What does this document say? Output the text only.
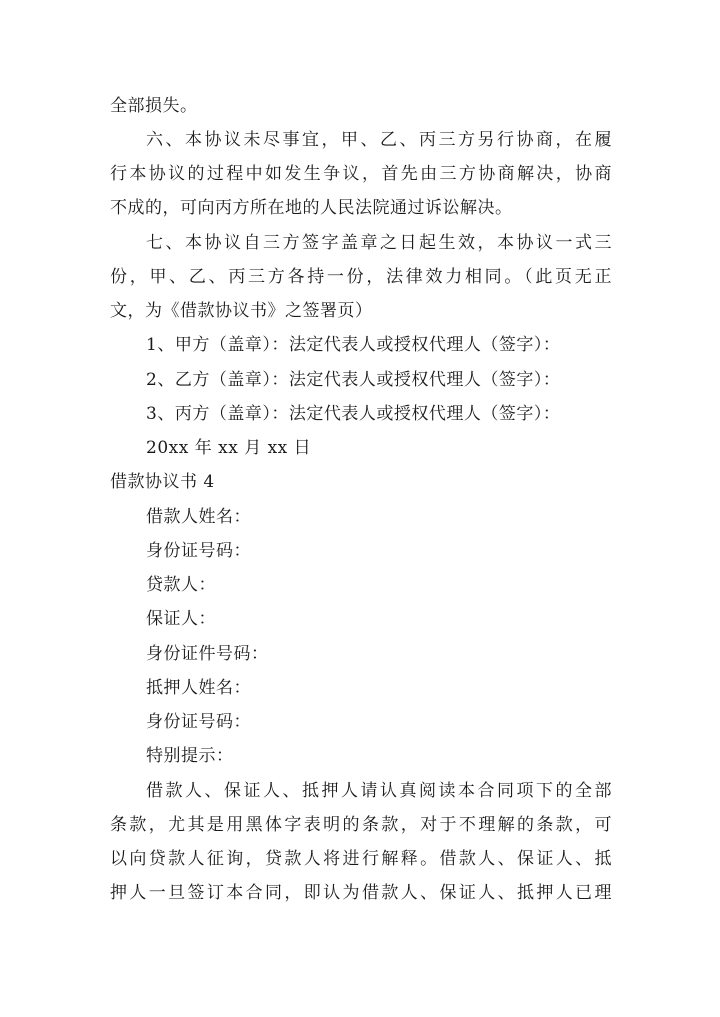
全部损失。
六、本协议未尽事宜，甲、乙、丙三方另行协商，在履
行本协议的过程中如发生争议，首先由三方协商解决，协商
不成的，可向丙方所在地的人民法院通过诉讼解决。
七、本协议自三方签字盖章之日起生效，本协议一式三
份，甲、乙、丙三方各持一份，法律效力相同。（此页无正
文，为《借款协议书》之签署页）
1、甲方（盖章）：法定代表人或授权代理人（签字）：
2、乙方（盖章）：法定代表人或授权代理人（签字）：
3、丙方（盖章）：法定代表人或授权代理人（签字）：
20xx 年 xx 月 xx 日
借款协议书 4
借款人姓名：
身份证号码：
贷款人：
保证人：
身份证件号码：
抵押人姓名：
身份证号码：
特别提示：
借款人、保证人、抵押人请认真阅读本合同项下的全部
条款，尤其是用黑体字表明的条款，对于不理解的条款，可
以向贷款人征询，贷款人将进行解释。借款人、保证人、抵
押人一旦签订本合同，即认为借款人、保证人、抵押人已理
